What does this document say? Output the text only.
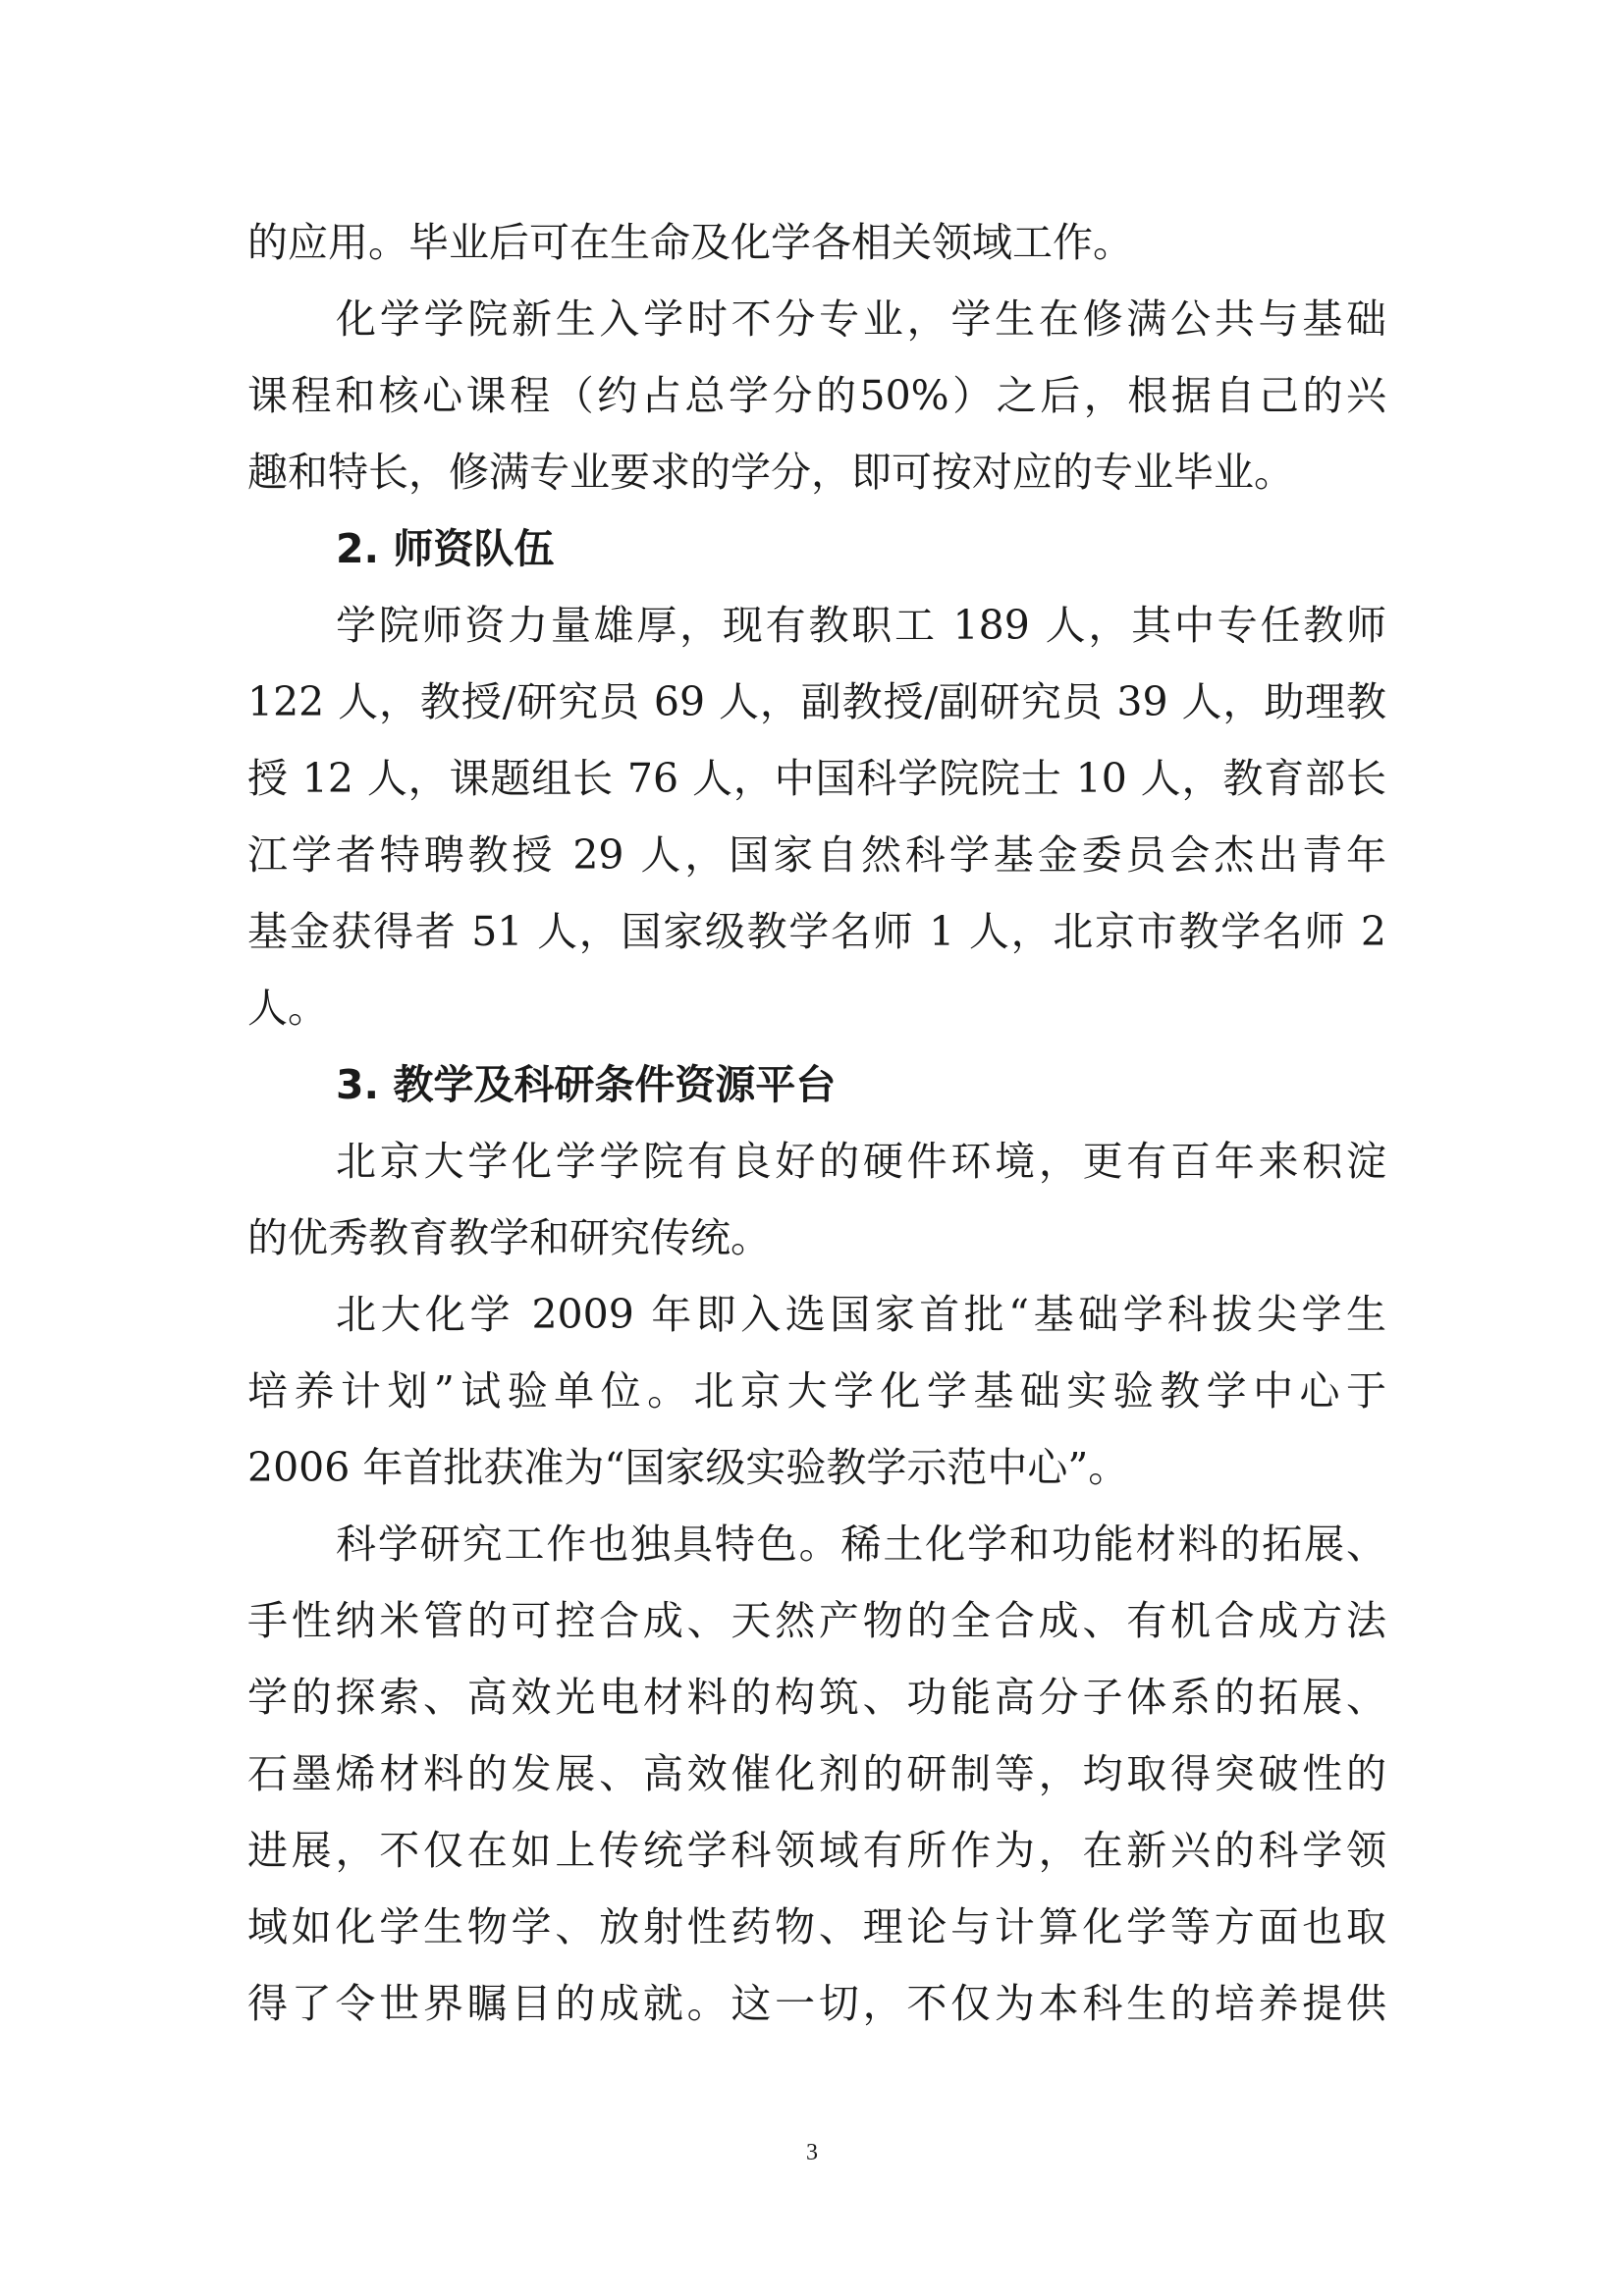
的应用。毕业后可在生命及化学各相关领域工作。
化学学院新生入学时不分专业，学生在修满公共与基础
课程和核心课程（约占总学分的50%）之后，根据自己的兴
趣和特长，修满专业要求的学分，即可按对应的专业毕业。
2. 师资队伍
学院师资力量雄厚，现有教职工 189 人，其中专任教师
122 人，教授/研究员 69 人，副教授/副研究员 39 人，助理教
授 12 人，课题组长 76 人，中国科学院院士 10 人，教育部长
江学者特聘教授 29 人，国家自然科学基金委员会杰出青年
基金获得者 51 人，国家级教学名师 1 人，北京市教学名师 2
人。
3. 教学及科研条件资源平台
北京大学化学学院有良好的硬件环境，更有百年来积淀
的优秀教育教学和研究传统。
北大化学 2009 年即入选国家首批“基础学科拔尖学生
培养计划”试验单位。北京大学化学基础实验教学中心于
2006 年首批获准为“国家级实验教学示范中心”。
科学研究工作也独具特色。稀土化学和功能材料的拓展、
手性纳米管的可控合成、天然产物的全合成、有机合成方法
学的探索、高效光电材料的构筑、功能高分子体系的拓展、
石墨烯材料的发展、高效催化剂的研制等，均取得突破性的
进展，不仅在如上传统学科领域有所作为，在新兴的科学领
域如化学生物学、放射性药物、理论与计算化学等方面也取
得了令世界瞩目的成就。这一切，不仅为本科生的培养提供
3
